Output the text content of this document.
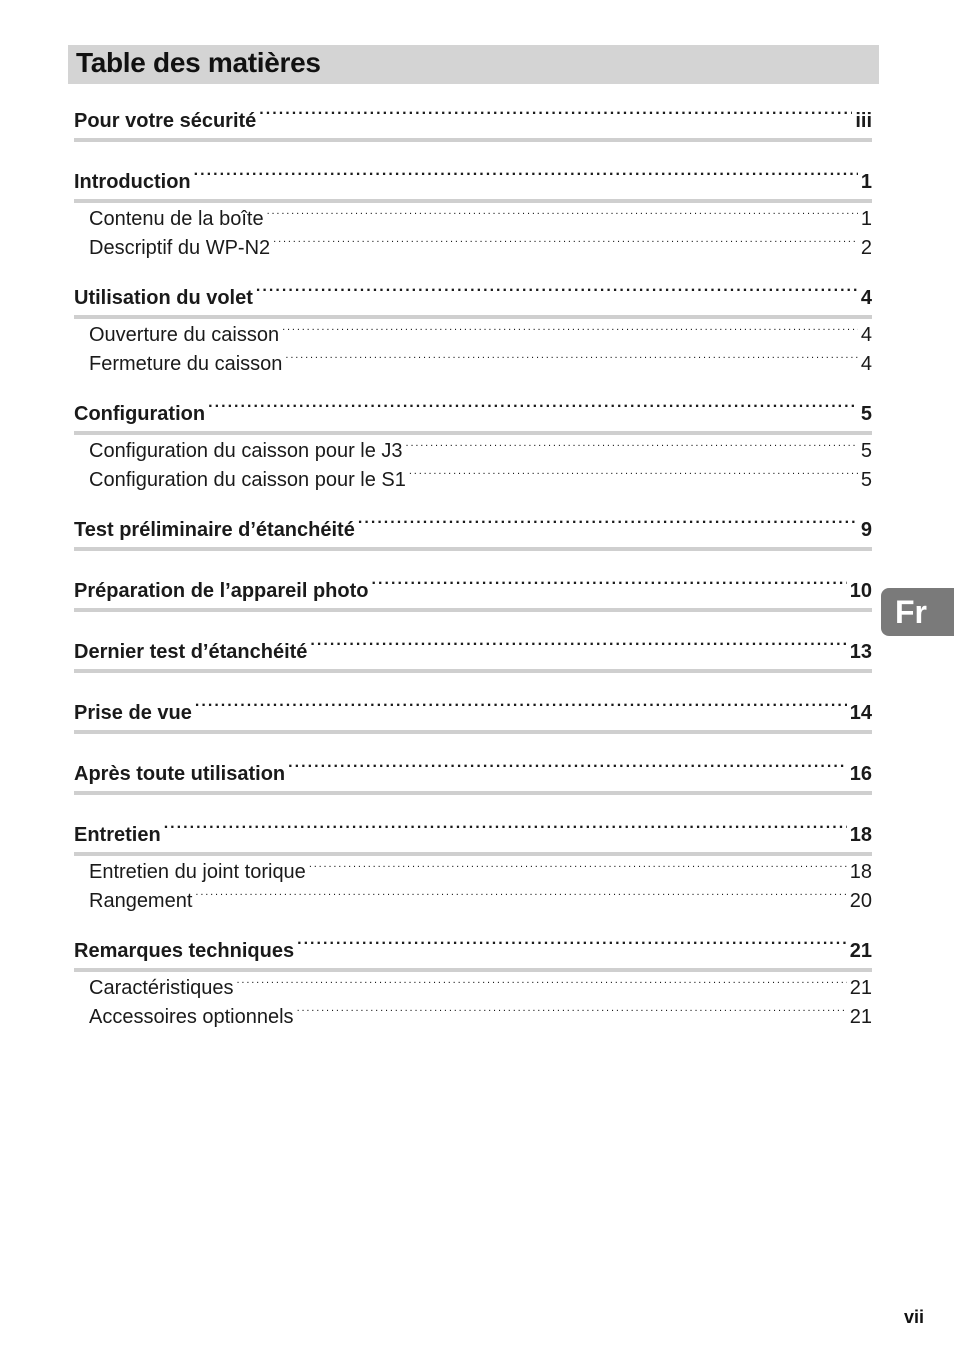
Table des matières
Pour votre sécurité . . .	iii
Introduction . . .	1
Contenu de la boîte . . .	1
Descriptif du WP-N2 . . .	2
Utilisation du volet . . .	4
Ouverture du caisson . . .	4
Fermeture du caisson . . .	4
Configuration . . .	5
Configuration du caisson pour le J3 . . .	5
Configuration du caisson pour le S1 . . .	5
Test préliminaire d’étanchéité . . .	9
Préparation de l’appareil photo . . .	10
Dernier test d’étanchéité . . .	13
Prise de vue . . .	14
Après toute utilisation . . .	16
Entretien . . .	18
Entretien du joint torique . . .	18
Rangement . . .	20
Remarques techniques . . .	21
Caractéristiques . . .	21
Accessoires optionnels . . .	21
Fr
vii
